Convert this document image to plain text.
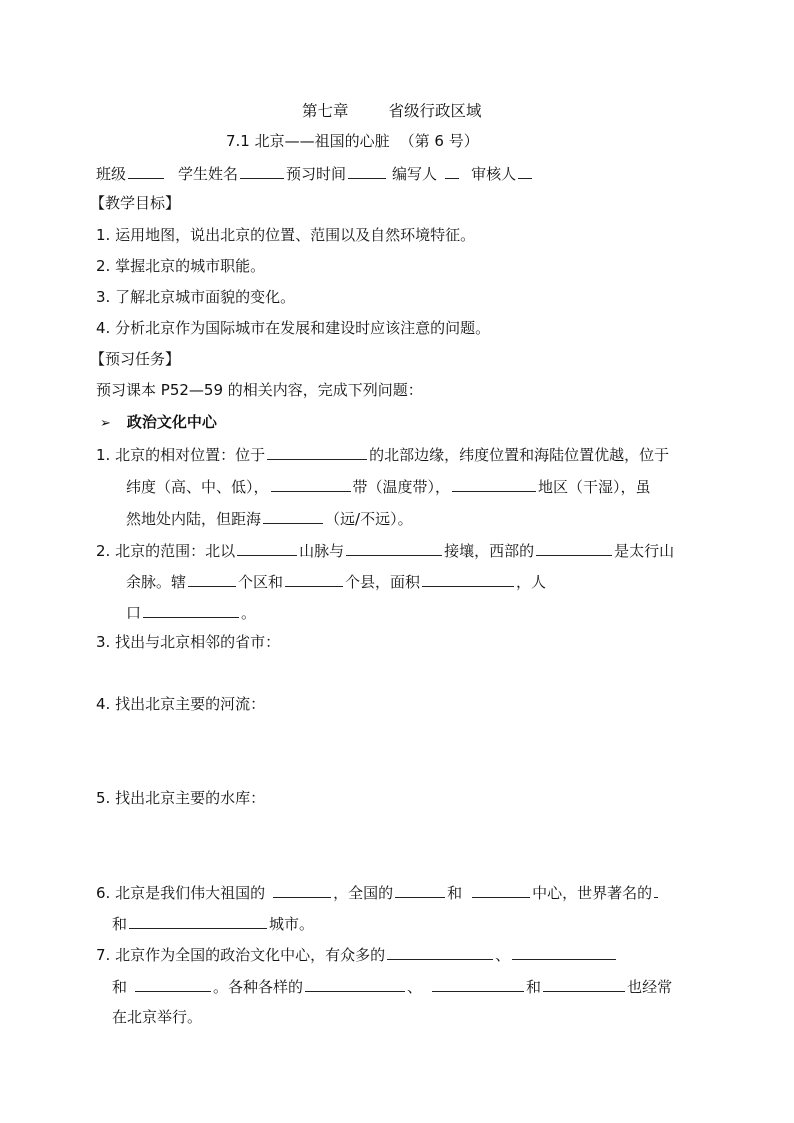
第七章	省级行政区域
7.1 北京——祖国的心脏 （第 6 号）
班级	学生姓名	预习时间	编写人 审核人
【教学目标】
1. 运用地图，说出北京的位置、范围以及自然环境特征。
2. 掌握北京的城市职能。
3. 了解北京城市面貌的变化。
4. 分析北京作为国际城市在发展和建设时应该注意的问题。
【预习任务】
预习课本 P52—59 的相关内容，完成下列问题：
➢ 政治文化中心
1. 北京的相对位置：位于	的北部边缘，纬度位置和海陆位置优越，位于
纬度（高、中、低），	带（温度带），	地区（干湿），虽
然地处内陆，但距海	（远/不远）。
2. 北京的范围：北以	山脉与	接壤，西部的	是太行山
余脉。辖	个区和	个县，面积	，人
口	。
3. 找出与北京相邻的省市：
4. 找出北京主要的河流：
5. 找出北京主要的水库：
6. 北京是我们伟大祖国的	，全国的	和	中心，世界著名的
和	城市。
7. 北京作为全国的政治文化中心，有众多的	、
和	。各种各样的	、	和	也经常
在北京举行。
